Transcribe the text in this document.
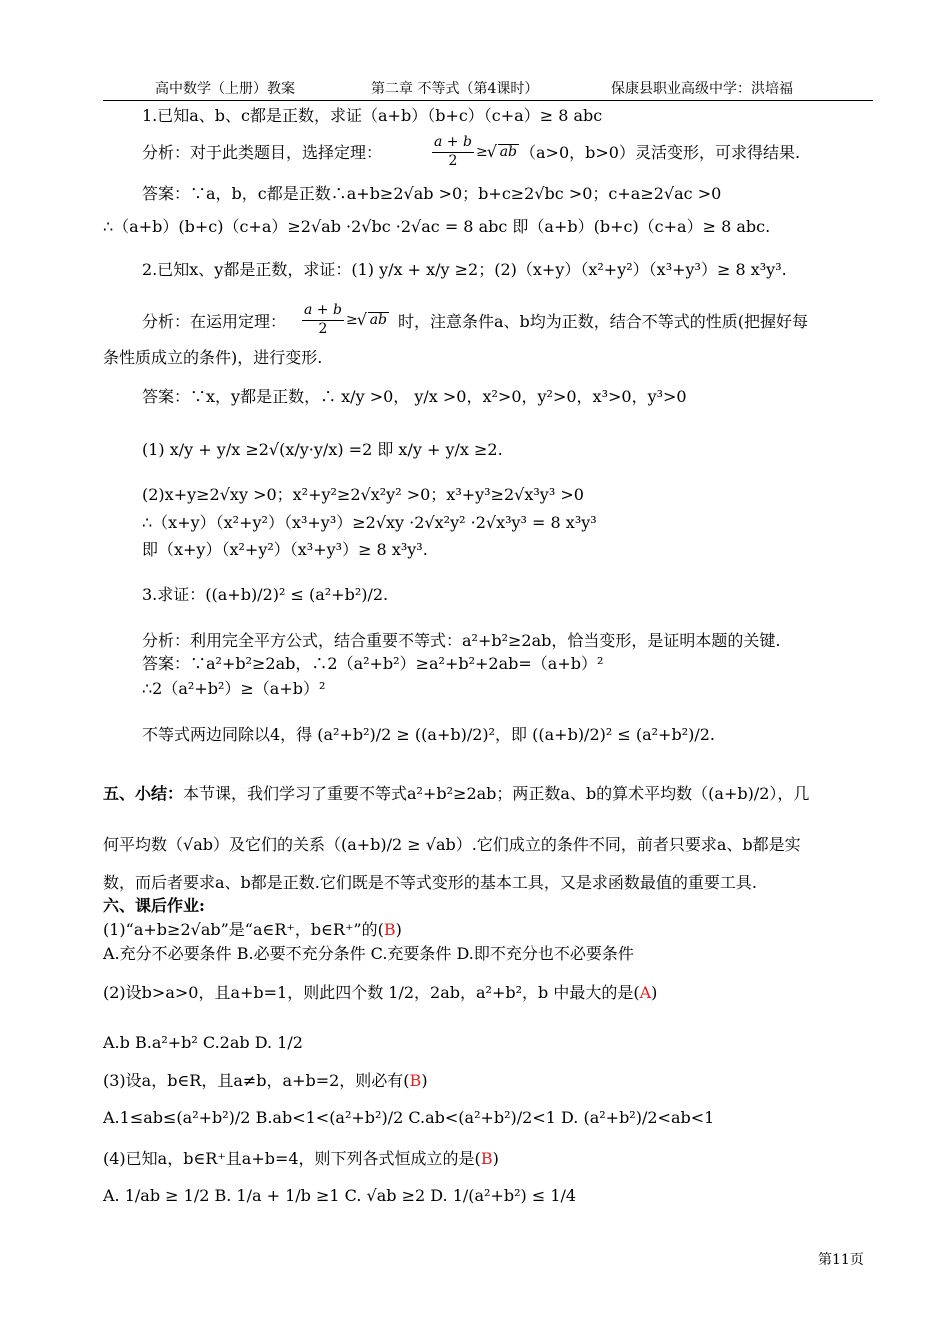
高中数学（上册）教案	第二章 不等式（第4课时）	保康县职业高级中学：洪培福
1.已知a、b、c都是正数，求证（a+b）（b+c）（c+a）≥ 8 abc
分析：对于此类题目，选择定理：	$\frac{a + b}{2}$ ≥ √ ab （a>0，b>0）灵活变形，可求得结果.
答案：∵a，b，c都是正数∴a+b≥2√ab >0；b+c≥2√bc >0；c+a≥2√ac >0
∴（a+b）(b+c)（c+a）≥2√ab ·2√bc ·2√ac = 8 abc 即（a+b）(b+c)（c+a）≥ 8 abc.
2.已知x、y都是正数，求证：(1) y/x + x/y ≥2；(2)（x+y）（x²+y²）（x³+y³）≥ 8 x³y³.
分析：在运用定理： $\frac{a + b}{2}$ ≥ √ ab 时，注意条件a、b均为正数，结合不等式的性质(把握好每
条性质成立的条件)，进行变形.
答案：∵x，y都是正数，∴ x/y >0， y/x >0，x²>0，y²>0，x³>0，y³>0
(1) x/y + y/x ≥2√(x/y·y/x) =2 即 x/y + y/x ≥2.
(2)x+y≥2√xy >0；x²+y²≥2√x²y² >0；x³+y³≥2√x³y³ >0
∴（x+y）（x²+y²）（x³+y³）≥2√xy ·2√x²y² ·2√x³y³ = 8 x³y³
即（x+y）（x²+y²）（x³+y³）≥ 8 x³y³.
3.求证：((a+b)/2)² ≤ (a²+b²)/2.
分析：利用完全平方公式，结合重要不等式：a²+b²≥2ab，恰当变形，是证明本题的关键.
答案：∵a²+b²≥2ab，∴2（a²+b²）≥a²+b²+2ab=（a+b）²
∴2（a²+b²）≥（a+b）²
不等式两边同除以4，得 (a²+b²)/2 ≥ ((a+b)/2)²，即 ((a+b)/2)² ≤ (a²+b²)/2.
五、小结：本节课，我们学习了重要不等式a²+b²≥2ab；两正数a、b的算术平均数（(a+b)/2），几
何平均数（√ab）及它们的关系（(a+b)/2 ≥ √ab）.它们成立的条件不同，前者只要求a、b都是实
数，而后者要求a、b都是正数.它们既是不等式变形的基本工具，又是求函数最值的重要工具.
六、课后作业:
(1)“a+b≥2√ab”是“a∈R⁺，b∈R⁺”的(B)
A.充分不必要条件 B.必要不充分条件 C.充要条件 D.即不充分也不必要条件
(2)设b>a>0，且a+b=1，则此四个数 1/2，2ab，a²+b²，b 中最大的是(A)
A.b B.a²+b² C.2ab D. 1/2
(3)设a，b∈R，且a≠b，a+b=2，则必有(B)
A.1≤ab≤(a²+b²)/2 B.ab<1<(a²+b²)/2 C.ab<(a²+b²)/2<1 D. (a²+b²)/2<ab<1
(4)已知a，b∈R⁺且a+b=4，则下列各式恒成立的是(B)
A. 1/ab ≥ 1/2 B. 1/a + 1/b ≥1 C. √ab ≥2 D. 1/(a²+b²) ≤ 1/4
第11页
